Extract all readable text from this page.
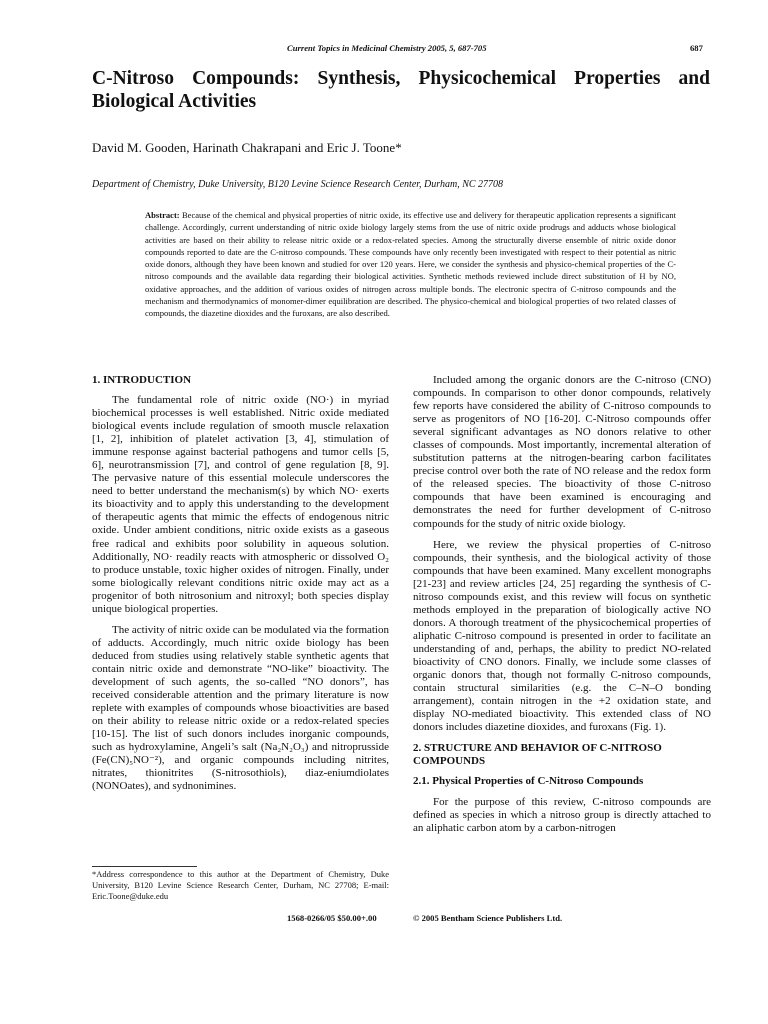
Current Topics in Medicinal Chemistry 2005, 5, 687-705	687
C-Nitroso Compounds: Synthesis, Physicochemical Properties and Biological Activities
David M. Gooden, Harinath Chakrapani and Eric J. Toone*
Department of Chemistry, Duke University, B120 Levine Science Research Center, Durham, NC 27708

Abstract: Because of the chemical and physical properties of nitric oxide, its effective use and delivery for therapeutic application represents a significant challenge. Accordingly, current understanding of nitric oxide biology largely stems from the use of nitric oxide prodrugs and adducts whose biological activities are based on their ability to release nitric oxide or a redox-related species. Among the structurally diverse ensemble of nitric oxide donor compounds reported to date are the C-nitroso compounds. These compounds have only recently been investigated with respect to their potential as nitric oxide donors, although they have been known and studied for over 120 years. Here, we consider the synthesis and physico-chemical properties of the C-nitroso compounds and the available data regarding their biological activities. Synthetic methods reviewed include direct substitution of H by NO, oxidative approaches, and the addition of various oxides of nitrogen across multiple bonds. The electronic spectra of C-nitroso compounds and the mechanism and thermodynamics of monomer-dimer equilibration are described. The physico-chemical and biological properties of two related classes of compounds, the diazetine dioxides and the furoxans, are also described.

1. INTRODUCTION

The fundamental role of nitric oxide (NO·) in myriad biochemical processes is well established. Nitric oxide mediated biological events include regulation of smooth muscle relaxation [1, 2], inhibition of platelet activation [3, 4], stimulation of immune response against bacterial pathogens and tumor cells [5, 6], neurotransmission [7], and control of gene regulation [8, 9]. The pervasive nature of this essential molecule underscores the need to better understand the mechanism(s) by which NO· exerts its bioactivity and to apply this understanding to the development of therapeutic agents that mimic the effects of endogenous nitric oxide. Under ambient conditions, nitric oxide exists as a gaseous free radical and exhibits poor solubility in aqueous solution. Additionally, NO· readily reacts with atmospheric or dissolved O₂ to produce unstable, toxic higher oxides of nitrogen. Finally, under some biologically relevant conditions nitric oxide may act as a progenitor of both nitrosonium and nitroxyl; both species display unique biological properties.

The activity of nitric oxide can be modulated via the formation of adducts. Accordingly, much nitric oxide biology has been deduced from studies using relatively stable synthetic agents that contain nitric oxide and demonstrate “NO-like” bioactivity. The development of such agents, the so-called “NO donors”, has received considerable attention and the primary literature is now replete with examples of compounds whose bioactivities are based on their ability to release nitric oxide or a redox-related species [10-15]. The list of such donors includes inorganic compounds, such as hydroxylamine, Angeli’s salt (Na₂N₂O₃) and nitroprusside (Fe(CN)₅NO⁻²), and organic compounds including nitrites, nitrates, thionitrites (S-nitrosothiols), diaz-eniumdiolates (NONOates), and sydnonimines.

Included among the organic donors are the C-nitroso (CNO) compounds. In comparison to other donor compounds, relatively few reports have considered the ability of C-nitroso compounds to serve as progenitors of NO [16-20]. C-Nitroso compounds offer several significant advantages as NO donors relative to other classes of compounds. Most importantly, incremental alteration of substitution patterns at the nitrogen-bearing carbon facilitates precise control over both the rate of NO release and the redox form of the released species. The bioactivity of those C-nitroso compounds that have been examined is encouraging and demonstrates the need for further development of C-nitroso compounds for the study of nitric oxide biology.

Here, we review the physical properties of C-nitroso compounds, their synthesis, and the biological activity of those compounds that have been examined. Many excellent monographs [21-23] and review articles [24, 25] regarding the synthesis of C-nitroso compounds exist, and this review will focus on synthetic methods employed in the preparation of biologically active NO donors. A thorough treatment of the physicochemical properties of aliphatic C-nitroso compound is presented in order to facilitate an understanding of and, perhaps, the ability to predict NO-related bioactivity of CNO donors. Finally, we include some classes of organic donors that, though not formally C-nitroso compounds, contain structural similarities (e.g. the C–N–O bonding arrangement), contain nitrogen in the +2 oxidation state, and display NO-mediated bioactivity. This extended class of NO donors includes diazetine dioxides, and furoxans (Fig. 1).

2. STRUCTURE AND BEHAVIOR OF C-NITROSO COMPOUNDS
2.1. Physical Properties of C-Nitroso Compounds

For the purpose of this review, C-nitroso compounds are defined as species in which a nitroso group is directly attached to an aliphatic carbon atom by a carbon-nitrogen

*Address correspondence to this author at the Department of Chemistry, Duke University, B120 Levine Science Research Center, Durham, NC 27708; E-mail: Eric.Toone@duke.edu

1568-0266/05 $50.00+.00	© 2005 Bentham Science Publishers Ltd.
